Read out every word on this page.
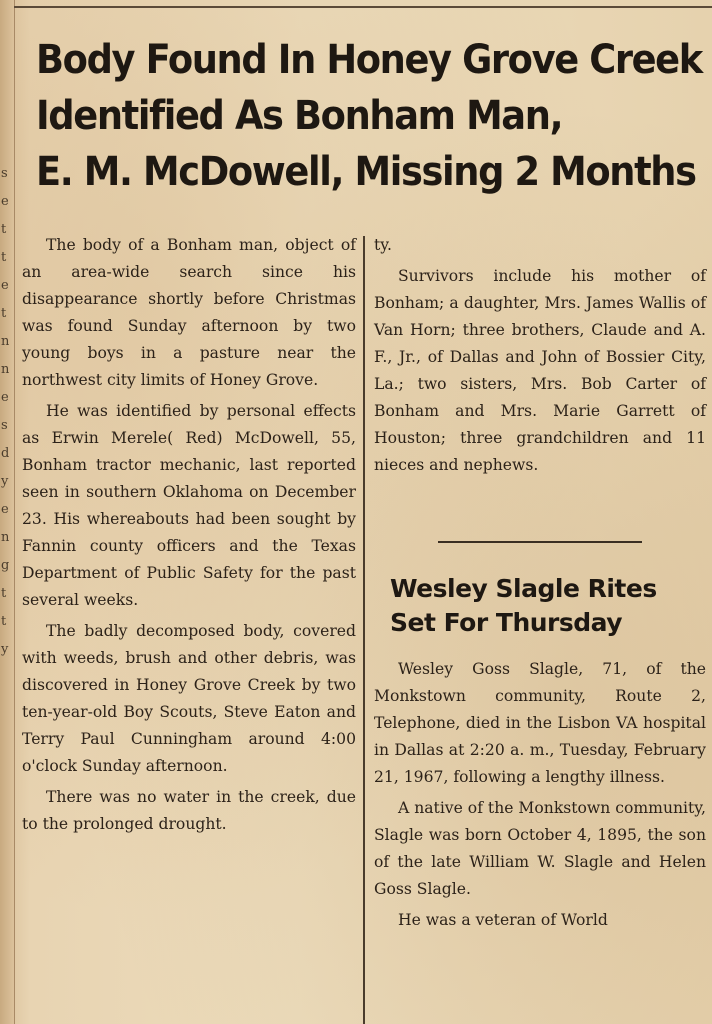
s
e
t
t
e
t
n
n
e
s
d
y
e
n
g
t
t
y
Body Found In Honey Grove Creek
Identified As Bonham Man,
E. M. McDowell, Missing 2 Months

The body of a Bonham man, object of an area-wide search since his disappearance shortly before Christmas was found Sunday afternoon by two young boys in a pasture near the northwest city limits of Honey Grove.

He was identified by personal effects as Erwin Merele( Red) McDowell, 55, Bonham tractor mechanic, last reported seen in southern Oklahoma on December 23. His whereabouts had been sought by Fannin county officers and the Texas Department of Public Safety for the past several weeks.

The badly decomposed body, covered with weeds, brush and other debris, was discovered in Honey Grove Creek by two ten-year-old Boy Scouts, Steve Eaton and Terry Paul Cunningham around 4:00 o'clock Sunday afternoon.

There was no water in the creek, due to the prolonged drought.

ty.

Survivors include his mother of Bonham; a daughter, Mrs. James Wallis of Van Horn; three brothers, Claude and A. F., Jr., of Dallas and John of Bossier City, La.; two sisters, Mrs. Bob Carter of Bonham and Mrs. Marie Garrett of Houston; three grandchildren and 11 nieces and nephews.

Wesley Slagle Rites
Set For Thursday

Wesley Goss Slagle, 71, of the Monkstown community, Route 2, Telephone, died in the Lisbon VA hospital in Dallas at 2:20 a. m., Tuesday, February 21, 1967, following a lengthy illness.

A native of the Monkstown community, Slagle was born October 4, 1895, the son of the late William W. Slagle and Helen Goss Slagle.

He was a veteran of World
